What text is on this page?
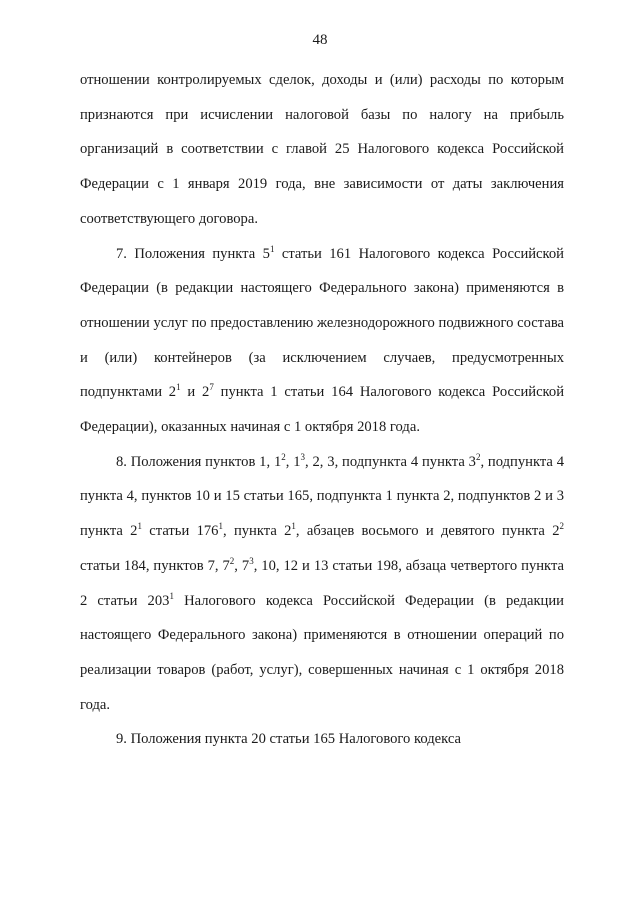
48

отношении контролируемых сделок, доходы и (или) расходы по которым признаются при исчислении налоговой базы по налогу на прибыль организаций в соответствии с главой 25 Налогового кодекса Российской Федерации с 1 января 2019 года, вне зависимости от даты заключения соответствующего договора.

7. Положения пункта $5^1$ статьи 161 Налогового кодекса Российской Федерации (в редакции настоящего Федерального закона) применяются в отношении услуг по предоставлению железнодорожного подвижного состава и (или) контейнеров (за исключением случаев, предусмотренных подпунктами $2^1$ и $2^7$ пункта 1 статьи 164 Налогового кодекса Российской Федерации), оказанных начиная с 1 октября 2018 года.

8. Положения пунктов 1, $1^2$, $1^3$, 2, 3, подпункта 4 пункта $3^2$, подпункта 4 пункта 4, пунктов 10 и 15 статьи 165, подпункта 1 пункта 2, подпунктов 2 и 3 пункта $2^1$ статьи $176^1$, пункта $2^1$, абзацев восьмого и девятого пункта $2^2$ статьи 184, пунктов 7, $7^2$, $7^3$, 10, 12 и 13 статьи 198, абзаца четвертого пункта 2 статьи $203^1$ Налогового кодекса Российской Федерации (в редакции настоящего Федерального закона) применяются в отношении операций по реализации товаров (работ, услуг), совершенных начиная с 1 октября 2018 года.

9. Положения пункта 20 статьи 165 Налогового кодекса
